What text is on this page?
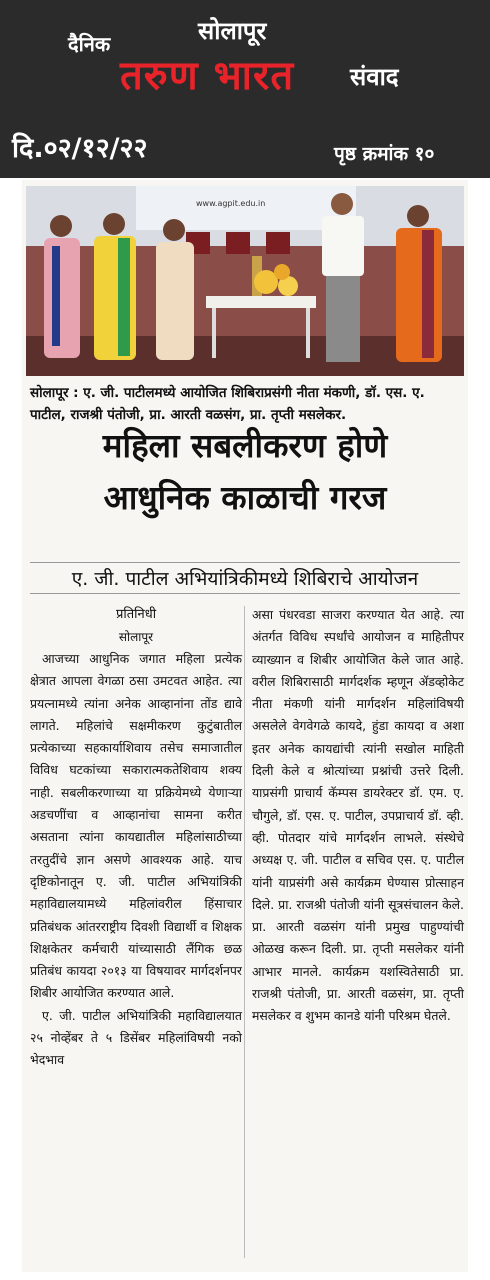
सोलापूर
दैनिक
तरुण भारत संवाद
दि.०२/१२/२२	पृष्ठ क्रमांक १०
www.agpit.edu.in
सोलापूर : ए. जी. पाटीलमध्ये आयोजित शिबिराप्रसंगी नीता मंकणी, डॉ. एस. ए. पाटील, राजश्री पंतोजी, प्रा. आरती वळसंग, प्रा. तृप्ती मसलेकर.
महिला सबलीकरण होणे
आधुनिक काळाची गरज
ए. जी. पाटील अभियांत्रिकीमध्ये शिबिराचे आयोजन
प्रतिनिधी
सोलापूर

आजच्या आधुनिक जगात महिला प्रत्येक क्षेत्रात आपला वेगळा ठसा उमटवत आहेत. त्या प्रयत्नामध्ये त्यांना अनेक आव्हानांना तोंड द्यावे लागते. महिलांचे सक्षमीकरण कुटुंबातील प्रत्येकाच्या सहकार्याशिवाय तसेच समाजातील विविध घटकांच्या सकारात्मकतेशिवाय शक्य नाही. सबलीकरणाच्या या प्रक्रियेमध्ये येणाऱ्या अडचणींचा व आव्हानांचा सामना करीत असताना त्यांना कायद्यातील महिलांसाठीच्या तरतुदींचे ज्ञान असणे आवश्यक आहे. याच दृष्टिकोनातून ए. जी. पाटील अभियांत्रिकी महाविद्यालयामध्ये महिलांवरील हिंसाचार प्रतिबंधक आंतरराष्ट्रीय दिवशी विद्यार्थी व शिक्षक शिक्षकेतर कर्मचारी यांच्यासाठी लैंगिक छळ प्रतिबंध कायदा २०१३ या विषयावर मार्गदर्शनपर शिबीर आयोजित करण्यात आले.

ए. जी. पाटील अभियांत्रिकी महाविद्यालयात २५ नोव्हेंबर ते ५ डिसेंबर महिलांविषयी नको भेदभाव

असा पंधरवडा साजरा करण्यात येत आहे. त्या अंतर्गत विविध स्पर्धांचे आयोजन व माहितीपर व्याख्यान व शिबीर आयोजित केले जात आहे. वरील शिबिरासाठी मार्गदर्शक म्हणून ॲडव्होकेट नीता मंकणी यांनी मार्गदर्शन महिलांविषयी असलेले वेगवेगळे कायदे, हुंडा कायदा व अशा इतर अनेक कायद्यांची त्यांनी सखोल माहिती दिली केले व श्रोत्यांच्या प्रश्नांची उत्तरे दिली. याप्रसंगी प्राचार्य कॅम्पस डायरेक्टर डॉ. एम. ए. चौगुले, डॉ. एस. ए. पाटील, उपप्राचार्य डॉ. व्ही. व्ही. पोतदार यांचे मार्गदर्शन लाभले. संस्थेचे अध्यक्ष ए. जी. पाटील व सचिव एस. ए. पाटील यांनी याप्रसंगी असे कार्यक्रम घेण्यास प्रोत्साहन दिले. प्रा. राजश्री पंतोजी यांनी सूत्रसंचालन केले. प्रा. आरती वळसंग यांनी प्रमुख पाहुण्यांची ओळख करून दिली. प्रा. तृप्ती मसलेकर यांनी आभार मानले. कार्यक्रम यशस्वितेसाठी प्रा. राजश्री पंतोजी, प्रा. आरती वळसंग, प्रा. तृप्ती मसलेकर व शुभम कानडे यांनी परिश्रम घेतले.
